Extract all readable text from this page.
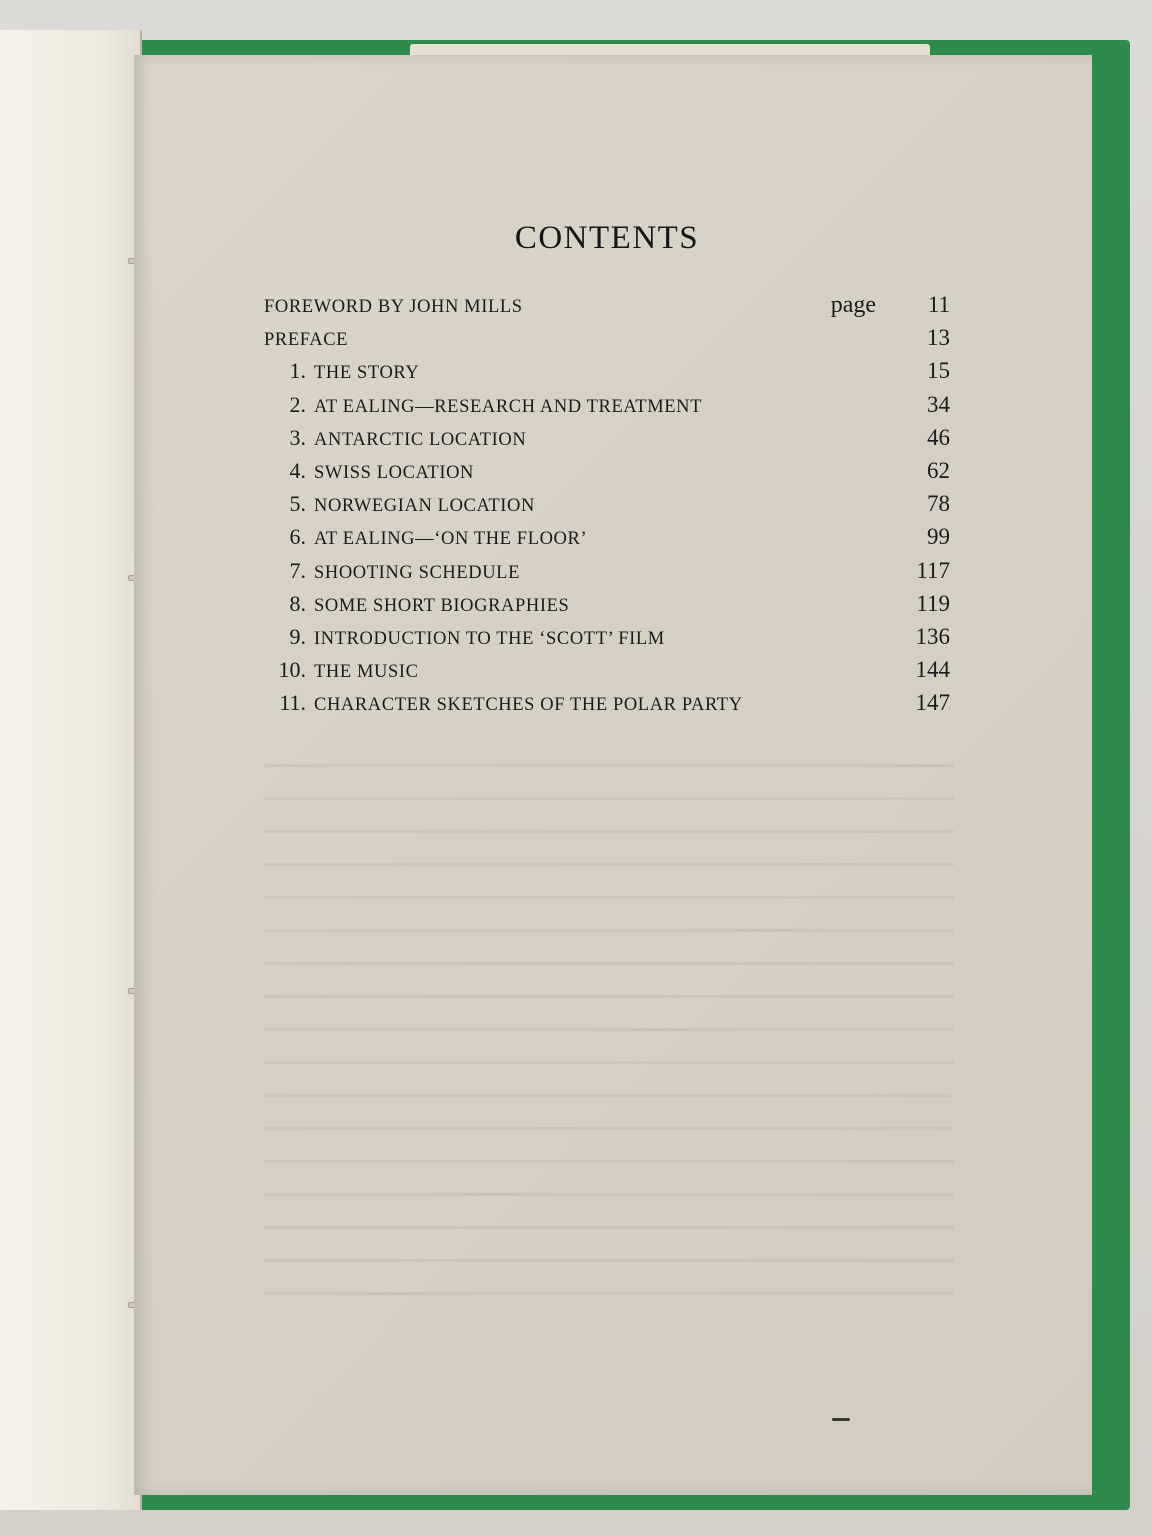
CONTENTS
FOREWORD BY JOHN MILLS	page	11
PREFACE	13
1. THE STORY	15
2. AT EALING—RESEARCH AND TREATMENT	34
3. ANTARCTIC LOCATION	46
4. SWISS LOCATION	62
5. NORWEGIAN LOCATION	78
6. AT EALING—‘ON THE FLOOR’	99
7. SHOOTING SCHEDULE	117
8. SOME SHORT BIOGRAPHIES	119
9. INTRODUCTION TO THE ‘SCOTT’ FILM	136
10. THE MUSIC	144
11. CHARACTER SKETCHES OF THE POLAR PARTY	147
